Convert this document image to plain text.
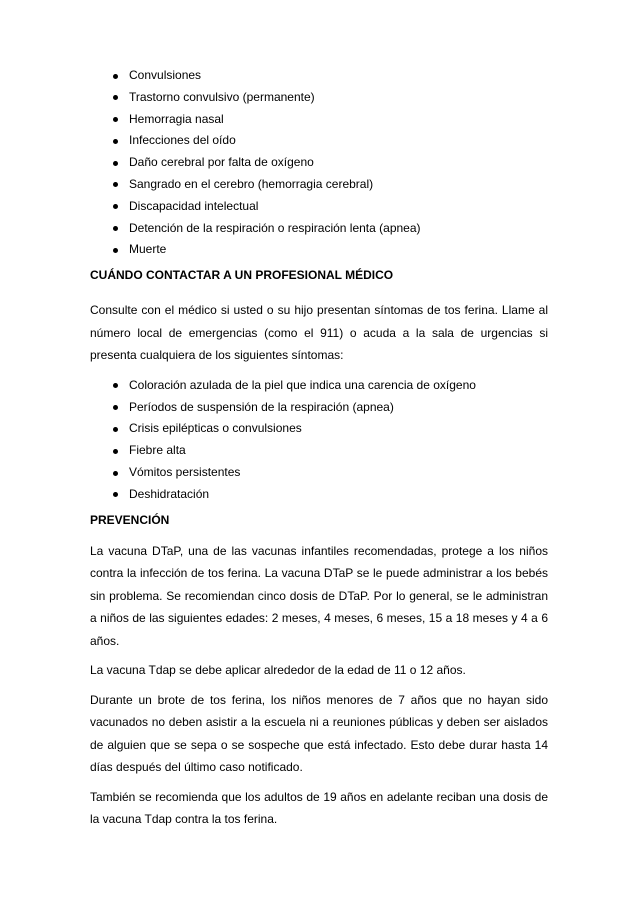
Convulsiones
Trastorno convulsivo (permanente)
Hemorragia nasal
Infecciones del oído
Daño cerebral por falta de oxígeno
Sangrado en el cerebro (hemorragia cerebral)
Discapacidad intelectual
Detención de la respiración o respiración lenta (apnea)
Muerte
CUÁNDO CONTACTAR A UN PROFESIONAL MÉDICO

Consulte con el médico si usted o su hijo presentan síntomas de tos ferina. Llame al número local de emergencias (como el 911) o acuda a la sala de urgencias si presenta cualquiera de los siguientes síntomas:

Coloración azulada de la piel que indica una carencia de oxígeno
Períodos de suspensión de la respiración (apnea)
Crisis epilépticas o convulsiones
Fiebre alta
Vómitos persistentes
Deshidratación
PREVENCIÓN

La vacuna DTaP, una de las vacunas infantiles recomendadas, protege a los niños contra la infección de tos ferina. La vacuna DTaP se le puede administrar a los bebés sin problema. Se recomiendan cinco dosis de DTaP. Por lo general, se le administran a niños de las siguientes edades: 2 meses, 4 meses, 6 meses, 15 a 18 meses y 4 a 6 años.

La vacuna Tdap se debe aplicar alrededor de la edad de 11 o 12 años.

Durante un brote de tos ferina, los niños menores de 7 años que no hayan sido vacunados no deben asistir a la escuela ni a reuniones públicas y deben ser aislados de alguien que se sepa o se sospeche que está infectado. Esto debe durar hasta 14 días después del último caso notificado.

También se recomienda que los adultos de 19 años en adelante reciban una dosis de la vacuna Tdap contra la tos ferina.
